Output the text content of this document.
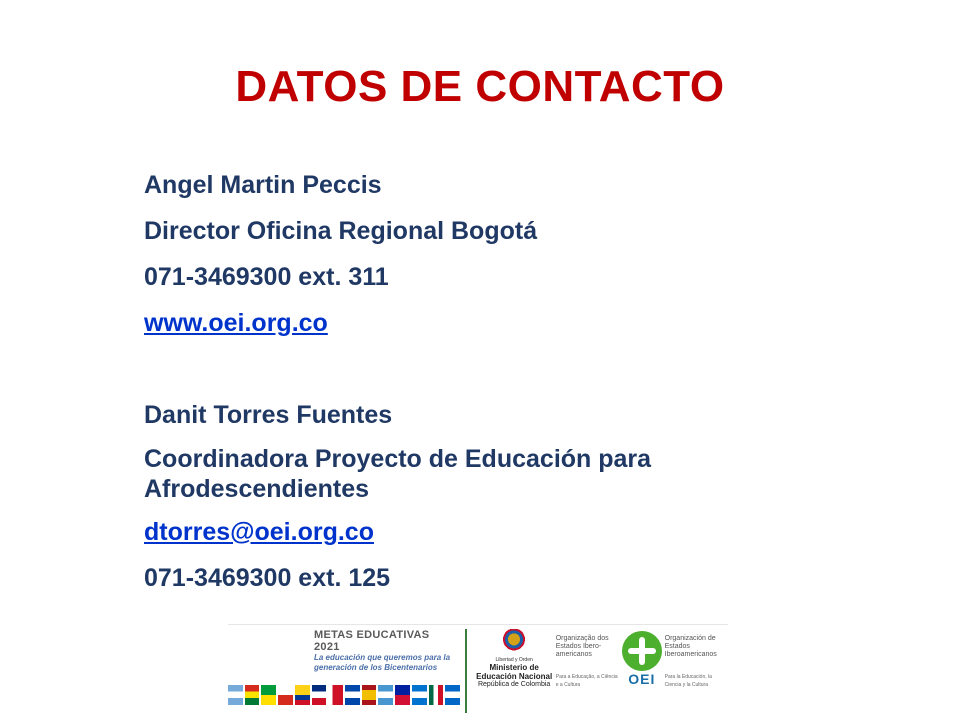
DATOS DE CONTACTO
Angel Martin Peccis
Director Oficina Regional Bogotá
071-3469300 ext. 311
www.oei.org.co
Danit Torres Fuentes
Coordinadora Proyecto de Educación para Afrodescendientes
dtorres@oei.org.co
071-3469300 ext. 125
METAS EDUCATIVAS 2021
La educación que queremos para la generación de los Bicentenarios
Libertad y Orden
Ministerio de
Educación Nacional
República de Colombia
Organização dos Estados Ibero-americanos
Para a Educação, a Ciência e a Cultura	OEI
Organización de Estados Iberoamericanos
Para la Educación, la Ciencia y la Cultura
